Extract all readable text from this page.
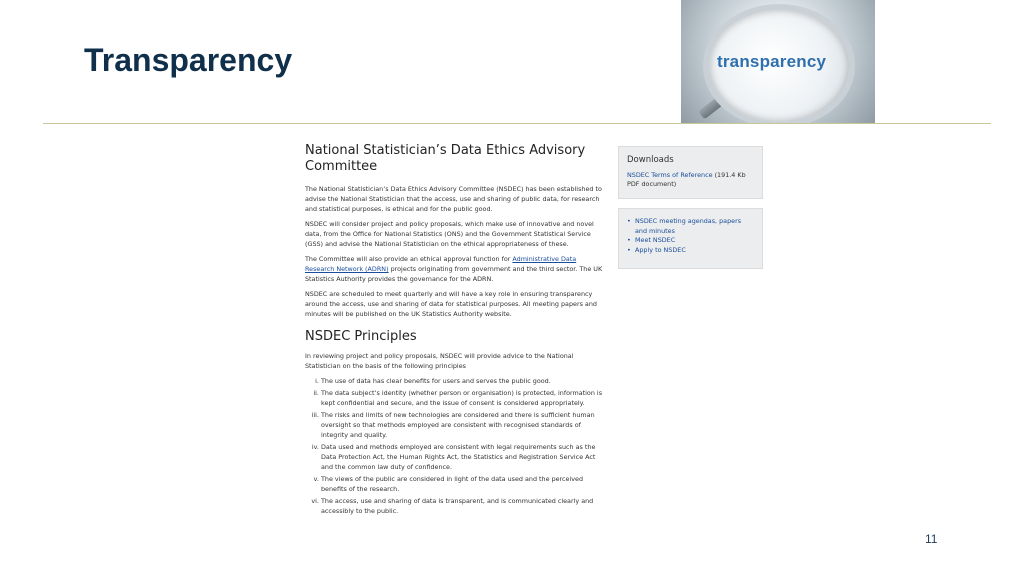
Transparency	transparency
National Statistician’s Data Ethics Advisory Committee

The National Statistician’s Data Ethics Advisory Committee (NSDEC) has been established to advise the National Statistician that the access, use and sharing of public data, for research and statistical purposes, is ethical and for the public good.

NSDEC will consider project and policy proposals, which make use of innovative and novel data, from the Office for National Statistics (ONS) and the Government Statistical Service (GSS) and advise the National Statistician on the ethical appropriateness of these.

The Committee will also provide an ethical approval function for Administrative Data Research Network (ADRN) projects originating from government and the third sector. The UK Statistics Authority provides the governance for the ADRN.

NSDEC are scheduled to meet quarterly and will have a key role in ensuring transparency around the access, use and sharing of data for statistical purposes. All meeting papers and minutes will be published on the UK Statistics Authority website.

NSDEC Principles

In reviewing project and policy proposals, NSDEC will provide advice to the National Statistician on the basis of the following principles

i. The use of data has clear benefits for users and serves the public good.
ii. The data subject’s identity (whether person or organisation) is protected, information is kept confidential and secure, and the issue of consent is considered appropriately.
iii. The risks and limits of new technologies are considered and there is sufficient human oversight so that methods employed are consistent with recognised standards of integrity and quality.
iv. Data used and methods employed are consistent with legal requirements such as the Data Protection Act, the Human Rights Act, the Statistics and Registration Service Act and the common law duty of confidence.
v. The views of the public are considered in light of the data used and the perceived benefits of the research.
vi. The access, use and sharing of data is transparent, and is communicated clearly and accessibly to the public.
Downloads
NSDEC Terms of Reference (191.4 Kb PDF document)
• NSDEC meeting agendas, papers and minutes
• Meet NSDEC
• Apply to NSDEC
11
